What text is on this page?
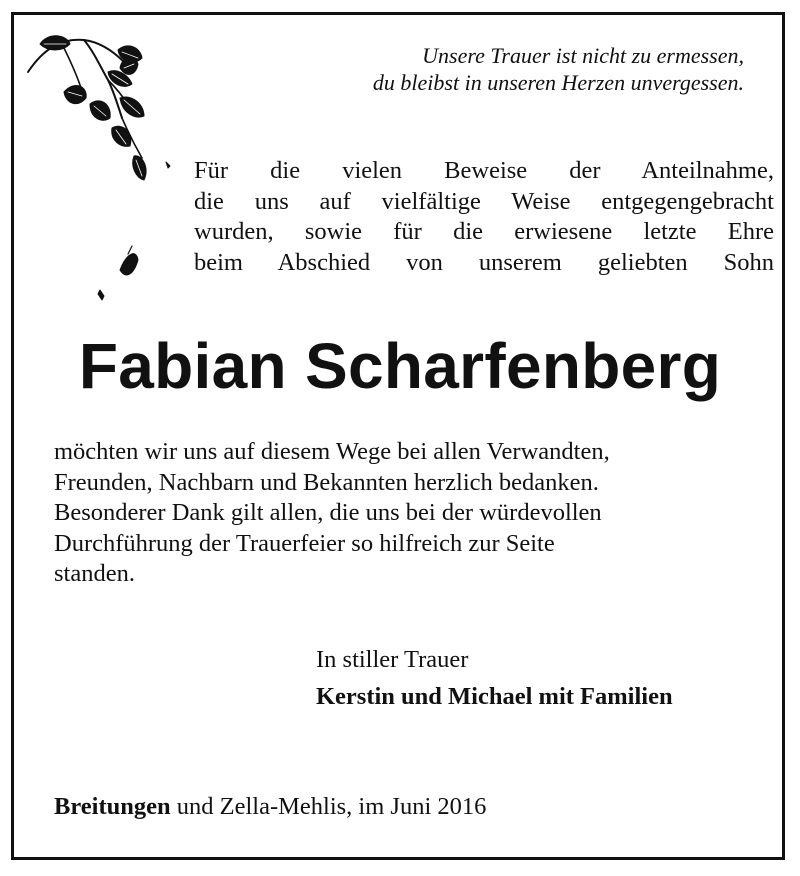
Unsere Trauer ist nicht zu ermessen,
du bleibst in unseren Herzen unvergessen.
Für die vielen Beweise der Anteilnahme,
die uns auf vielfältige Weise entgegengebracht
wurden, sowie für die erwiesene letzte Ehre
beim Abschied von unserem geliebten Sohn
Fabian Scharfenberg
möchten wir uns auf diesem Wege bei allen Verwandten,
Freunden, Nachbarn und Bekannten herzlich bedanken.
Besonderer Dank gilt allen, die uns bei der würdevollen
Durchführung der Trauerfeier so hilfreich zur Seite
standen.
In stiller Trauer
Kerstin und Michael mit Familien
Breitungen und Zella-Mehlis, im Juni 2016
